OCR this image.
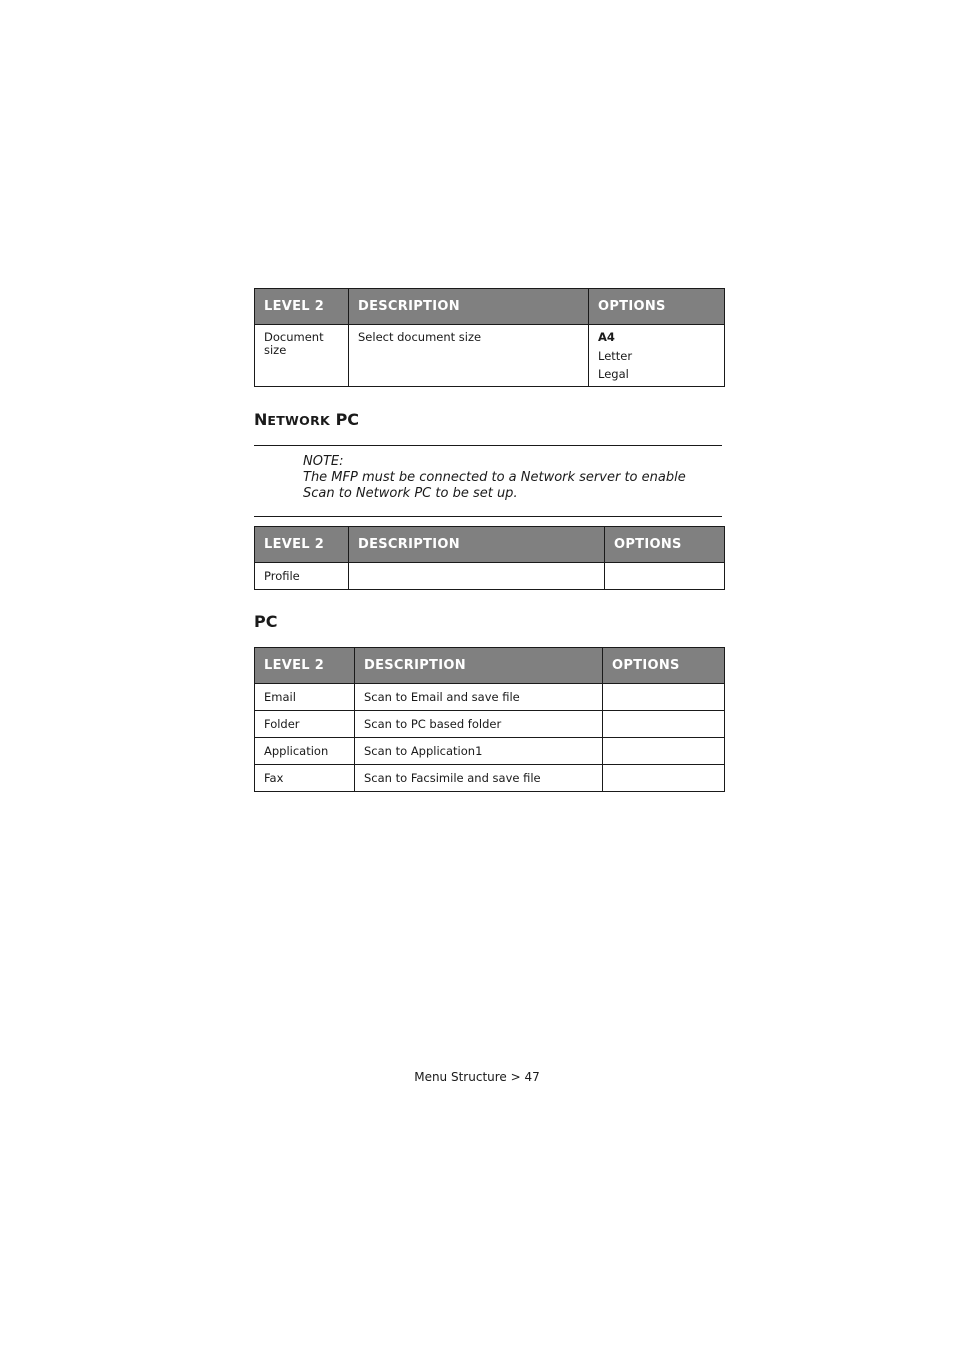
LEVEL 2	DESCRIPTION	OPTIONS
Document size	Select document size	A4
Letter
Legal
NETWORK PC
NOTE:
The MFP must be connected to a Network server to enable
Scan to Network PC to be set up.
LEVEL 2	DESCRIPTION	OPTIONS
Profile		
PC
LEVEL 2	DESCRIPTION	OPTIONS
Email	Scan to Email and save file	
Folder	Scan to PC based folder	
Application	Scan to Application1	
Fax	Scan to Facsimile and save file	
Menu Structure > 47
